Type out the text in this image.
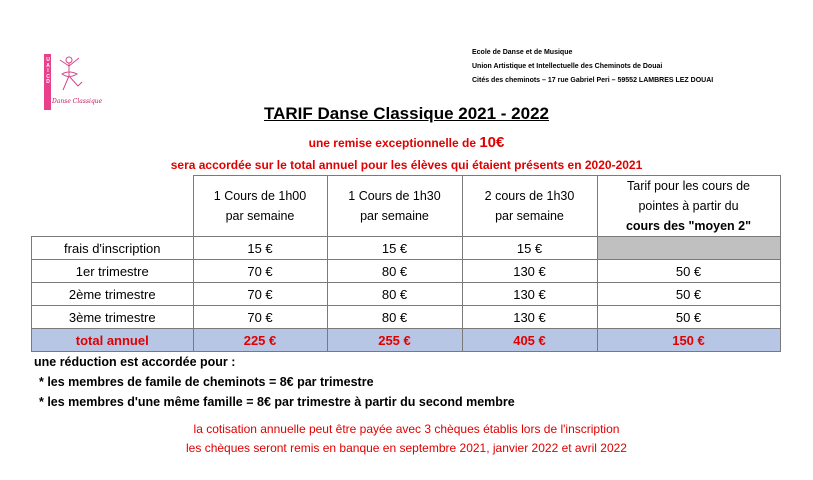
U
A
I
C
D
Danse Classique
Ecole de Danse et de Musique
Union Artistique et Intellectuelle des Cheminots de Douai
Cités des cheminots – 17 rue Gabriel Peri – 59552 LAMBRES LEZ DOUAI
TARIF Danse Classique 2021 - 2022
une remise exceptionnelle de 10€
sera accordée sur le total annuel pour les élèves qui étaient présents en 2020-2021
	1 Cours de 1h00
par semaine	1 Cours de 1h30
par semaine	2 cours de 1h30
par semaine	Tarif pour les cours de
pointes à partir du
cours des "moyen 2"
frais d'inscription	15 €	15 €	15 €	
1er trimestre	70 €	80 €	130 €	50 €
2ème trimestre	70 €	80 €	130 €	50 €
3ème trimestre	70 €	80 €	130 €	50 €
total annuel	225 €	255 €	405 €	150 €
une réduction est accordée pour :
* les membres de famile de cheminots = 8€ par trimestre
* les membres d'une même famille = 8€ par trimestre à partir du second membre
la cotisation annuelle peut être payée avec 3 chèques établis lors de l'inscription
les chèques seront remis en banque en septembre 2021, janvier 2022 et avril 2022
